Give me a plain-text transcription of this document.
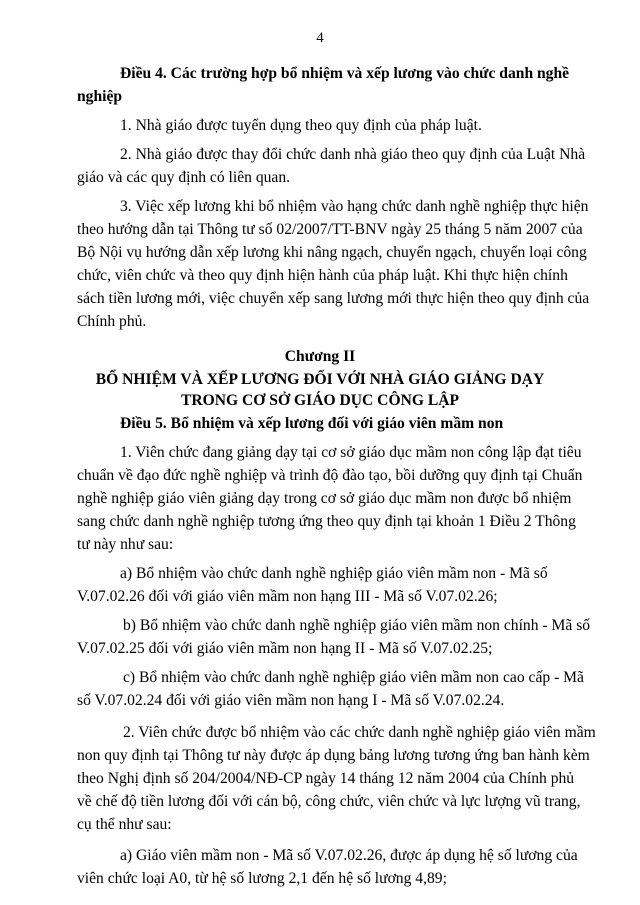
4
Điều 4. Các trường hợp bổ nhiệm và xếp lương vào chức danh nghề
nghiệp
1. Nhà giáo được tuyển dụng theo quy định của pháp luật.
2. Nhà giáo được thay đổi chức danh nhà giáo theo quy định của Luật Nhà
giáo và các quy định có liên quan.
3. Việc xếp lương khi bổ nhiệm vào hạng chức danh nghề nghiệp thực hiện
theo hướng dẫn tại Thông tư số 02/2007/TT-BNV ngày 25 tháng 5 năm 2007 của
Bộ Nội vụ hướng dẫn xếp lương khi nâng ngạch, chuyển ngạch, chuyển loại công
chức, viên chức và theo quy định hiện hành của pháp luật. Khi thực hiện chính
sách tiền lương mới, việc chuyển xếp sang lương mới thực hiện theo quy định của
Chính phủ.
Chương II
BỔ NHIỆM VÀ XẾP LƯƠNG ĐỐI VỚI NHÀ GIÁO GIẢNG DẠY
TRONG CƠ SỞ GIÁO DỤC CÔNG LẬP
Điều 5. Bổ nhiệm và xếp lương đối với giáo viên mầm non
1. Viên chức đang giảng dạy tại cơ sở giáo dục mầm non công lập đạt tiêu
chuẩn về đạo đức nghề nghiệp và trình độ đào tạo, bồi dưỡng quy định tại Chuẩn
nghề nghiệp giáo viên giảng dạy trong cơ sở giáo dục mầm non được bổ nhiệm
sang chức danh nghề nghiệp tương ứng theo quy định tại khoản 1 Điều 2 Thông
tư này như sau:
a) Bổ nhiệm vào chức danh nghề nghiệp giáo viên mầm non - Mã số
V.07.02.26 đối với giáo viên mầm non hạng III - Mã số V.07.02.26;
b) Bổ nhiệm vào chức danh nghề nghiệp giáo viên mầm non chính - Mã số
V.07.02.25 đối với giáo viên mầm non hạng II - Mã số V.07.02.25;
c) Bổ nhiệm vào chức danh nghề nghiệp giáo viên mầm non cao cấp - Mã
số V.07.02.24 đối với giáo viên mầm non hạng I - Mã số V.07.02.24.
2. Viên chức được bổ nhiệm vào các chức danh nghề nghiệp giáo viên mầm
non quy định tại Thông tư này được áp dụng bảng lương tương ứng ban hành kèm
theo Nghị định số 204/2004/NĐ-CP ngày 14 tháng 12 năm 2004 của Chính phủ
về chế độ tiền lương đối với cán bộ, công chức, viên chức và lực lượng vũ trang,
cụ thể như sau:
a) Giáo viên mầm non - Mã số V.07.02.26, được áp dụng hệ số lương của
viên chức loại A0, từ hệ số lương 2,1 đến hệ số lương 4,89;
